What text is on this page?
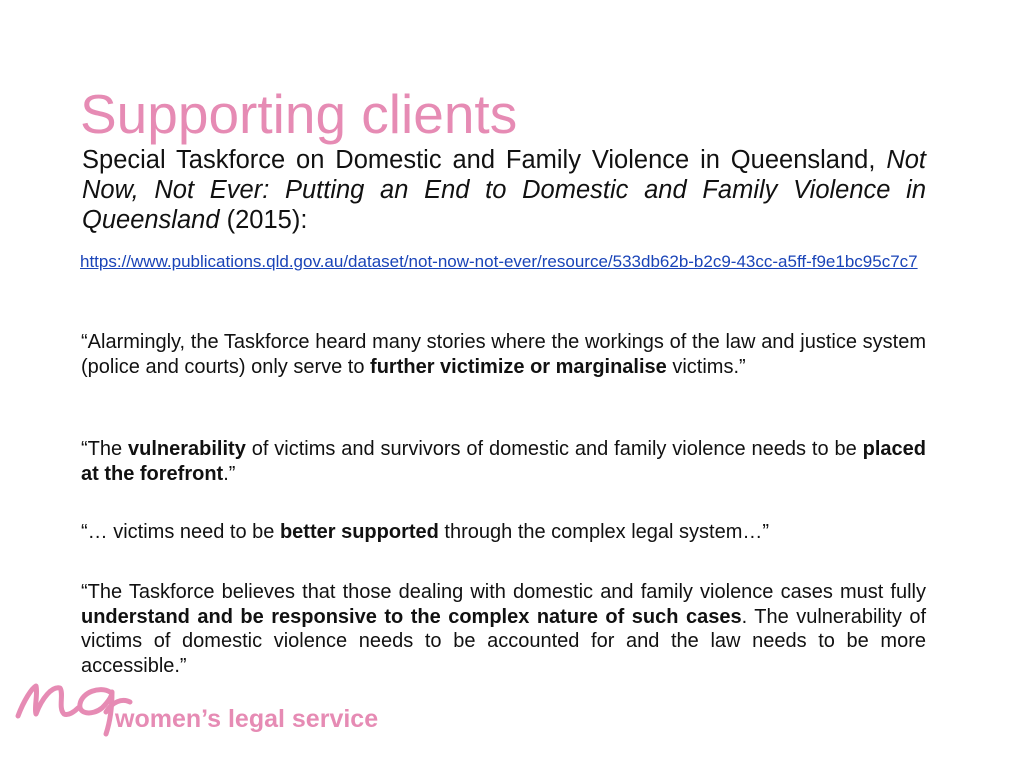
Supporting clients

Special Taskforce on Domestic and Family Violence in Queensland, Not Now, Not Ever: Putting an End to Domestic and Family Violence in Queensland (2015):

https://www.publications.qld.gov.au/dataset/not-now-not-ever/resource/533db62b-b2c9-43cc-a5ff-f9e1bc95c7c7

“Alarmingly, the Taskforce heard many stories where the workings of the law and justice system (police and courts) only serve to further victimize or marginalise victims.”

“The vulnerability of victims and survivors of domestic and family violence needs to be placed at the forefront.”

“… victims need to be better supported through the complex legal system…”

“The Taskforce believes that those dealing with domestic and family violence cases must fully understand and be responsive to the complex nature of such cases. The vulnerability of victims of domestic violence needs to be accounted for and the law needs to be more accessible.”

women’s legal service
